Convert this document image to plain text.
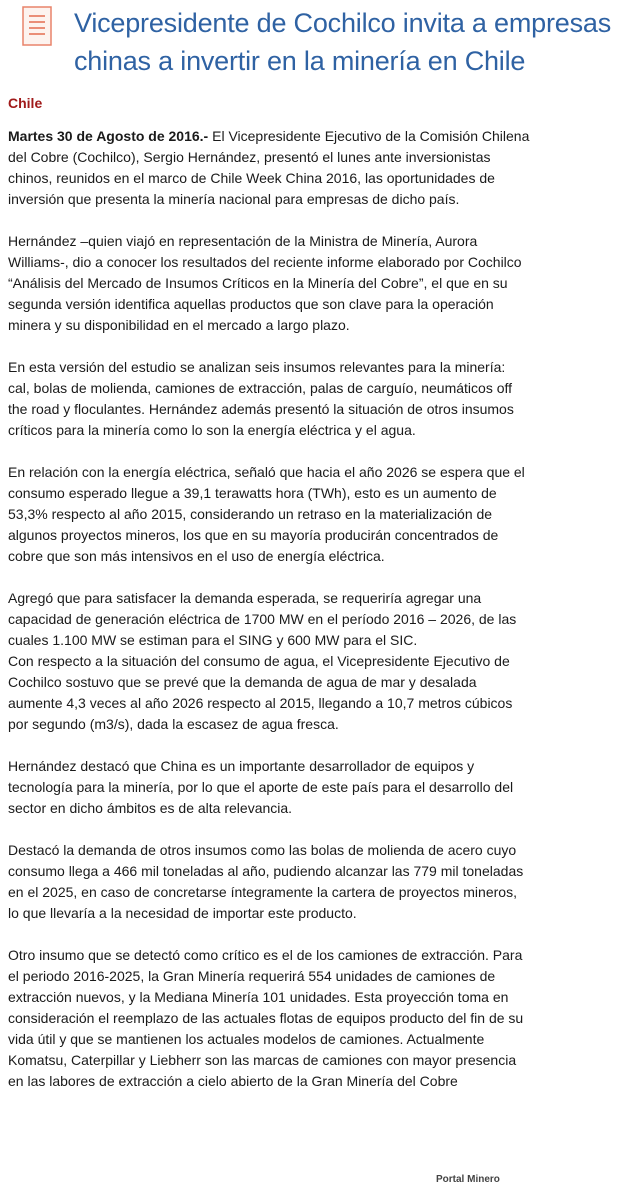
Vicepresidente de Cochilco invita a empresas chinas a invertir en la minería en Chile
Chile

Martes 30 de Agosto de 2016.- El Vicepresidente Ejecutivo de la Comisión Chilena del Cobre (Cochilco), Sergio Hernández, presentó el lunes ante inversionistas chinos, reunidos en el marco de Chile Week China 2016, las oportunidades de inversión que presenta la minería nacional para empresas de dicho país.

Hernández –quien viajó en representación de la Ministra de Minería, Aurora Williams-, dio a conocer los resultados del reciente informe elaborado por Cochilco “Análisis del Mercado de Insumos Críticos en la Minería del Cobre”, el que en su segunda versión identifica aquellas productos que son clave para la operación minera y su disponibilidad en el mercado a largo plazo.

En esta versión del estudio se analizan seis insumos relevantes para la minería: cal, bolas de molienda, camiones de extracción, palas de carguío, neumáticos off the road y floculantes. Hernández además presentó la situación de otros insumos críticos para la minería como lo son la energía eléctrica y el agua.

En relación con la energía eléctrica, señaló que hacia el año 2026 se espera que el consumo esperado llegue a 39,1 terawatts hora (TWh), esto es un aumento de 53,3% respecto al año 2015, considerando un retraso en la materialización de algunos proyectos mineros, los que en su mayoría producirán concentrados de cobre que son más intensivos en el uso de energía eléctrica.

Agregó que para satisfacer la demanda esperada, se requeriría agregar una capacidad de generación eléctrica de 1700 MW en el período 2016 – 2026, de las cuales 1.100 MW se estiman para el SING y 600 MW para el SIC.

Con respecto a la situación del consumo de agua, el Vicepresidente Ejecutivo de Cochilco sostuvo que se prevé que la demanda de agua de mar y desalada aumente 4,3 veces al año 2026 respecto al 2015, llegando a 10,7 metros cúbicos por segundo (m3/s), dada la escasez de agua fresca.

Hernández destacó que China es un importante desarrollador de equipos y tecnología para la minería, por lo que el aporte de este país para el desarrollo del sector en dicho ámbitos es de alta relevancia.

Destacó la demanda de otros insumos como las bolas de molienda de acero cuyo consumo llega a 466 mil toneladas al año, pudiendo alcanzar las 779 mil toneladas en el 2025, en caso de concretarse íntegramente la cartera de proyectos mineros, lo que llevaría a la necesidad de importar este producto.

Otro insumo que se detectó como crítico es el de los camiones de extracción. Para el periodo 2016-2025, la Gran Minería requerirá 554 unidades de camiones de extracción nuevos, y la Mediana Minería 101 unidades. Esta proyección toma en consideración el reemplazo de las actuales flotas de equipos producto del fin de su vida útil y que se mantienen los actuales modelos de camiones. Actualmente Komatsu, Caterpillar y Liebherr son las marcas de camiones con mayor presencia en las labores de extracción a cielo abierto de la Gran Minería del Cobre

Portal Minero
